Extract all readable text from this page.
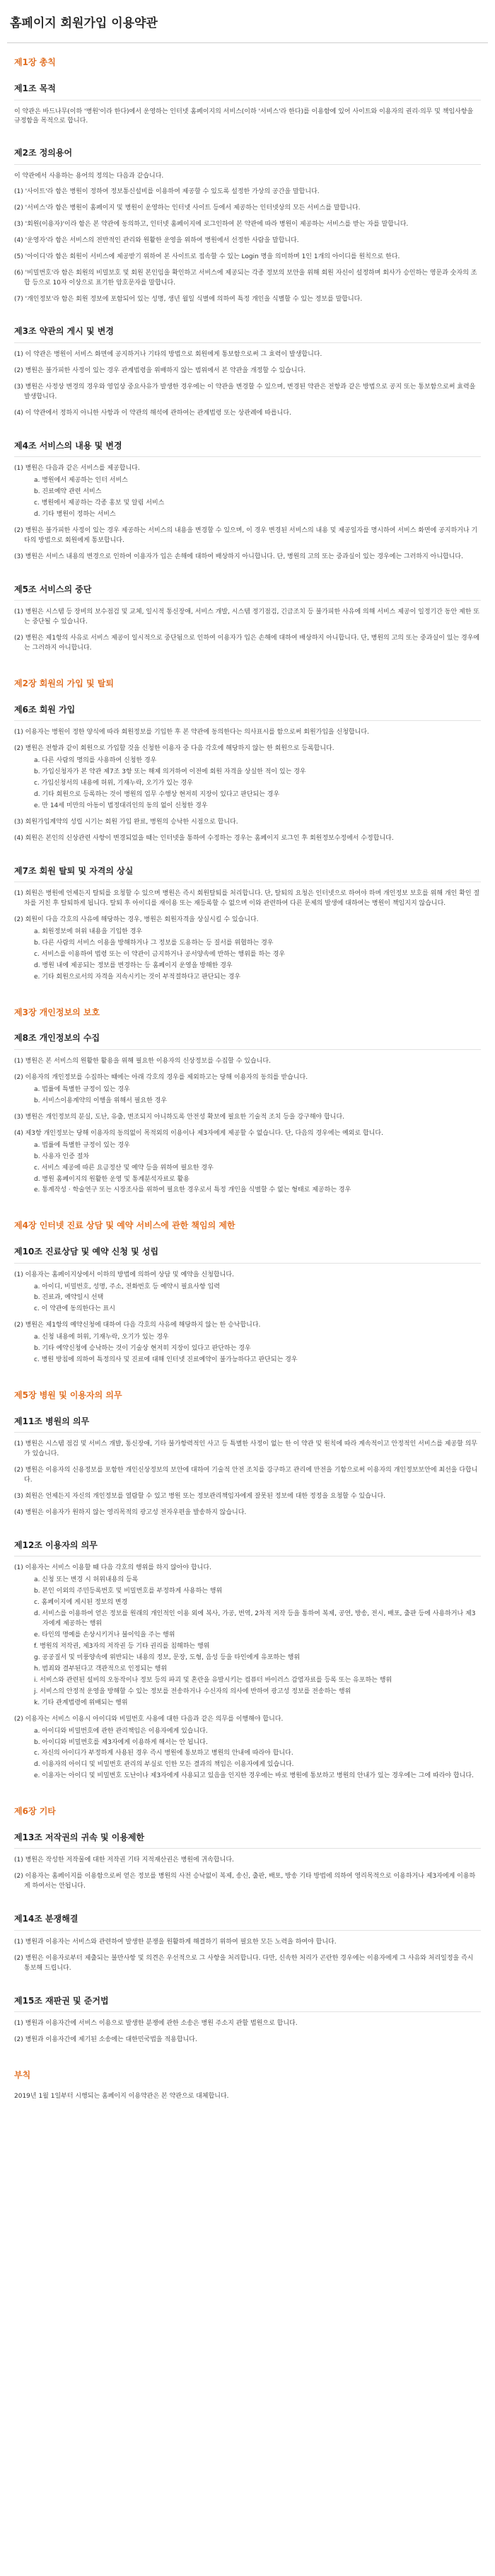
홈페이지 회원가입 이용약관
제1장 총칙
제1조 목적

이 약관은 바드나무(이하 '병원'이라 한다)에서 운영하는 인터넷 홈페이지의 서비스(이하 '서비스'라 한다)를 이용함에 있어 사이트와 이용자의 권리·의무 및 책임사항을 규정함을 목적으로 합니다.

제2조 정의용어

이 약관에서 사용하는 용어의 정의는 다음과 같습니다.

(1) '사이트'라 함은 병원이 정하여 정보통신설비를 이용하여 제공할 수 있도록 설정한 가상의 공간을 말합니다.
(2) '서비스'라 함은 병원이 홈페이지 및 병원이 운영하는 인터넷 사이트 등에서 제공하는 인터넷상의 모든 서비스를 말합니다.
(3) '회원(이용자)'이라 함은 본 약관에 동의하고, 인터넷 홈페이지에 로그인하여 본 약관에 따라 병원이 제공하는 서비스를 받는 자를 말합니다.
(4) '운영자'라 함은 서비스의 전반적인 관리와 원활한 운영을 위하여 병원에서 선정한 사람을 말합니다.
(5) '아이디'라 함은 회원이 서비스에 제공받기 위하여 본 사이트로 접속할 수 있는 Login 명을 의미하며 1인 1개의 아이디를 원칙으로 한다.
(6) '비밀번호'라 함은 회원의 비밀보호 및 회원 본인임을 확인하고 서비스에 제공되는 각종 정보의 보안을 위해 회원 자신이 설정하며 회사가 승인하는 영문과 숫자의 조합 등으로 10자 이상으로 표기한 암호문자를 말합니다.
(7) '개인정보'라 함은 회원 정보에 포함되어 있는 성명, 생년 월일 식별에 의하여 특정 개인을 식별할 수 있는 정보를 말합니다.
제3조 약관의 게시 및 변경
(1) 이 약관은 병원이 서비스 화면에 공지하거나 기타의 방법으로 회원에게 통보함으로써 그 효력이 발생합니다.
(2) 병원은 불가피한 사정이 있는 경우 관계법령을 위배하지 않는 범위에서 본 약관을 개정할 수 있습니다.
(3) 병원은 사정상 변경의 경우와 영업상 중요사유가 발생한 경우에는 이 약관을 변경할 수 있으며, 변경된 약관은 전항과 같은 방법으로 공지 또는 통보함으로써 효력을 발생합니다.
(4) 이 약관에서 정하지 아니한 사항과 이 약관의 해석에 관하여는 관계법령 또는 상관례에 따릅니다.
제4조 서비스의 내용 및 변경
(1) 병원은 다음과 같은 서비스를 제공합니다.
a. 병원에서 제공하는 인터 서비스
b. 진료예약 관련 서비스
c. 병원에서 제공하는 각종 홍보 및 알림 서비스
d. 기타 병원이 정하는 서비스
(2) 병원은 불가피한 사정이 있는 경우 제공하는 서비스의 내용을 변경할 수 있으며, 이 경우 변경된 서비스의 내용 및 제공일자를 명시하여 서비스 화면에 공지하거나 기타의 방법으로 회원에게 통보합니다.
(3) 병원은 서비스 내용의 변경으로 인하여 이용자가 입은 손해에 대하여 배상하지 아니합니다. 단, 병원의 고의 또는 중과실이 있는 경우에는 그러하지 아니합니다.
제5조 서비스의 중단
(1) 병원은 시스템 등 장비의 보수점검 및 교체, 일시적 통신장애, 서비스 개발, 시스템 정기점검, 긴급조치 등 불가피한 사유에 의해 서비스 제공이 일정기간 동안 제한 또는 중단될 수 있습니다.
(2) 병원은 제1항의 사유로 서비스 제공이 일시적으로 중단됨으로 인하여 이용자가 입은 손해에 대하여 배상하지 아니합니다. 단, 병원의 고의 또는 중과실이 있는 경우에는 그러하지 아니합니다.
제2장 회원의 가입 및 탈퇴
제6조 회원 가입
(1) 이용자는 병원이 정한 양식에 따라 회원정보를 기입한 후 본 약관에 동의한다는 의사표시를 함으로써 회원가입을 신청합니다.
(2) 병원은 전항과 같이 회원으로 가입할 것을 신청한 이용자 중 다음 각호에 해당하지 않는 한 회원으로 등록합니다.
a. 다른 사람의 명의를 사용하여 신청한 경우
b. 가입신청자가 본 약관 제7조 3항 또는 해제 의거하여 이전에 회원 자격을 상실한 적이 있는 경우
c. 가입신청서의 내용에 허위, 기재누락, 오기가 있는 경우
d. 기타 회원으로 등록하는 것이 병원의 업무 수행상 현저히 지장이 있다고 판단되는 경우
e. 만 14세 미만의 아동이 법정대리인의 동의 없이 신청한 경우
(3) 회원가입계약의 성립 시기는 회원 가입 완료, 병원의 승낙한 시점으로 합니다.
(4) 회원은 본인의 신상관련 사항이 변경되었을 때는 인터넷을 통하여 수정하는 경우는 홈페이지 로그인 후 회원정보수정에서 수정합니다.
제7조 회원 탈퇴 및 자격의 상실
(1) 회원은 병원에 언제든지 탈퇴를 요청할 수 있으며 병원은 즉시 회원탈퇴를 처리합니다. 단, 탈퇴의 요청은 인터넷으로 하여야 하며 개인정보 보호를 위해 개인 확인 절차를 거친 후 탈퇴하게 됩니다. 탈퇴 후 아이디를 재이용 또는 재등록할 수 없으며 이와 관련하여 다른 문제의 발생에 대하여는 병원이 책임지지 않습니다.
(2) 회원이 다음 각호의 사유에 해당하는 경우, 병원은 회원자격을 상실시킬 수 있습니다.
a. 회원정보에 허위 내용을 기입한 경우
b. 다른 사람의 서비스 이용을 방해하거나 그 정보를 도용하는 등 질서를 위협하는 경우
c. 서비스를 이용하여 법령 또는 이 약관이 금지하거나 공서양속에 반하는 행위를 하는 경우
d. 병원 내에 제공되는 정보를 변경하는 등 홈페이지 운영을 방해한 경우
e. 기타 회원으로서의 자격을 지속시키는 것이 부적절하다고 판단되는 경우
제3장 개인정보의 보호
제8조 개인정보의 수집
(1) 병원은 본 서비스의 원활한 활용을 위해 필요한 이용자의 신상정보를 수집할 수 있습니다.
(2) 이용자의 개인정보를 수집하는 때에는 아래 각호의 경우를 제외하고는 당해 이용자의 동의를 받습니다.
a. 법률에 특별한 규정이 있는 경우
b. 서비스이용계약의 이행을 위해서 필요한 경우
(3) 병원은 개인정보의 분실, 도난, 유출, 변조되지 아니하도록 안전성 확보에 필요한 기술적 조치 등을 강구해야 합니다.
(4) 제3항 개인정보는 당해 이용자의 동의없이 목적외의 이용이나 제3자에게 제공할 수 없습니다. 단, 다음의 경우에는 예외로 합니다.
a. 법률에 특별한 규정이 있는 경우
b. 사용자 인증 절차
c. 서비스 제공에 따른 요금정산 및 예약 등을 위하여 필요한 경우
d. 병원 홈페이지의 원활한 운영 및 통계분석자료로 활용
e. 통계작성 · 학술연구 또는 시장조사를 위하여 필요한 경우로서 특정 개인을 식별할 수 없는 형태로 제공하는 경우
제4장 인터넷 진료 상담 및 예약 서비스에 관한 책임의 제한
제10조 진료상담 및 예약 신청 및 성립
(1) 이용자는 홈페이지상에서 이하의 방법에 의하여 상담 및 예약을 신청합니다.
a. 아이디, 비밀번호, 성명, 주소, 전화번호 등 예약시 필요사항 입력
b. 진료과, 예약일시 선택
c. 이 약관에 동의한다는 표시
(2) 병원은 제1항의 예약신청에 대하여 다음 각호의 사유에 해당하지 않는 한 승낙합니다.
a. 신청 내용에 허위, 기재누락, 오기가 있는 경우
b. 기타 예약신청에 승낙하는 것이 기술상 현저히 지장이 있다고 판단하는 경우
c. 병원 방침에 의하여 특정의사 및 진료에 대해 인터넷 진료예약이 불가능하다고 판단되는 경우
제5장 병원 및 이용자의 의무
제11조 병원의 의무
(1) 병원은 시스템 점검 및 서비스 개발, 통신장애, 기타 불가항력적인 사고 등 특별한 사정이 없는 한 이 약관 및 원칙에 따라 계속적이고 안정적인 서비스를 제공할 의무가 있습니다.
(2) 병원은 이용자의 신용정보를 포함한 개인신상정보의 보안에 대하여 기술적 안전 조치를 강구하고 관리에 만전을 기함으로써 이용자의 개인정보보안에 최선을 다합니다.
(3) 회원은 언제든지 자신의 개인정보를 열람할 수 있고 병원 또는 정보관리책임자에게 잘못된 정보에 대한 정정을 요청할 수 있습니다.
(4) 병원은 이용자가 원하지 않는 영리목적의 광고성 전자우편을 발송하지 않습니다.
제12조 이용자의 의무
(1) 이용자는 서비스 이용할 때 다음 각호의 행위를 하지 않아야 합니다.
a. 신청 또는 변경 시 허위내용의 등록
b. 본인 이외의 주민등록번호 및 비밀번호를 부정하게 사용하는 행위
c. 홈페이지에 게시된 정보의 변경
d. 서비스를 이용하여 얻은 정보를 원래의 개인적인 이용 외에 복사, 가공, 번역, 2차적 저작 등을 통하여 복제, 공연, 방송, 전시, 배포, 출판 등에 사용하거나 제3자에게 제공하는 행위
e. 타인의 명예를 손상시키거나 불이익을 주는 행위
f. 병원의 저작권, 제3자의 저작권 등 기타 권리를 침해하는 행위
g. 공공질서 및 미풍양속에 위반되는 내용의 정보, 문장, 도형, 음성 등을 타인에게 유포하는 행위
h. 범죄와 결부된다고 객관적으로 인정되는 행위
i. 서비스와 관련된 설비의 오동작이나 정보 등의 파괴 및 혼란을 유발시키는 컴퓨터 바이러스 감염자료를 등록 또는 유포하는 행위
j. 서비스의 안정적 운영을 방해할 수 있는 정보를 전송하거나 수신자의 의사에 반하여 광고성 정보를 전송하는 행위
k. 기타 관계법령에 위배되는 행위
(2) 이용자는 서비스 이용시 아이디와 비밀번호 사용에 대한 다음과 같은 의무를 이행해야 합니다.
a. 아이디와 비밀번호에 관한 관리책임은 이용자에게 있습니다.
b. 아이디와 비밀번호를 제3자에게 이용하게 해서는 안 됩니다.
c. 자신의 아이디가 부정하게 사용된 경우 즉시 병원에 통보하고 병원의 안내에 따라야 합니다.
d. 이용자의 아이디 및 비밀번호 관리의 부실로 인한 모든 결과의 책임은 이용자에게 있습니다.
e. 이용자는 아이디 및 비밀번호 도난이나 제3자에게 사용되고 있음을 인지한 경우에는 바로 병원에 통보하고 병원의 안내가 있는 경우에는 그에 따라야 합니다.
제6장 기타
제13조 저작권의 귀속 및 이용제한
(1) 병원은 작성한 저작물에 대한 저작권 기타 지적재산권은 병원에 귀속합니다.
(2) 이용자는 홈페이지를 이용함으로써 얻은 정보를 병원의 사전 승낙없이 복제, 송신, 출판, 배포, 방송 기타 방법에 의하여 영리목적으로 이용하거나 제3자에게 이용하게 하여서는 안됩니다.
제14조 분쟁해결
(1) 병원과 이용자는 서비스와 관련하여 발생한 분쟁을 원활하게 해결하기 위하여 필요한 모든 노력을 하여야 합니다.
(2) 병원은 이용자로부터 제출되는 불만사항 및 의견은 우선적으로 그 사항을 처리합니다. 다만, 신속한 처리가 곤란한 경우에는 이용자에게 그 사유와 처리일정을 즉시 통보해 드립니다.
제15조 재판권 및 준거법
(1) 병원과 이용자간에 서비스 이용으로 발생한 분쟁에 관한 소송은 병원 주소지 관할 법원으로 합니다.
(2) 병원과 이용자간에 제기된 소송에는 대한민국법을 적용합니다.
부칙

2019년 1월 1일부터 시행되는 홈페이지 이용약관은 본 약관으로 대체합니다.
